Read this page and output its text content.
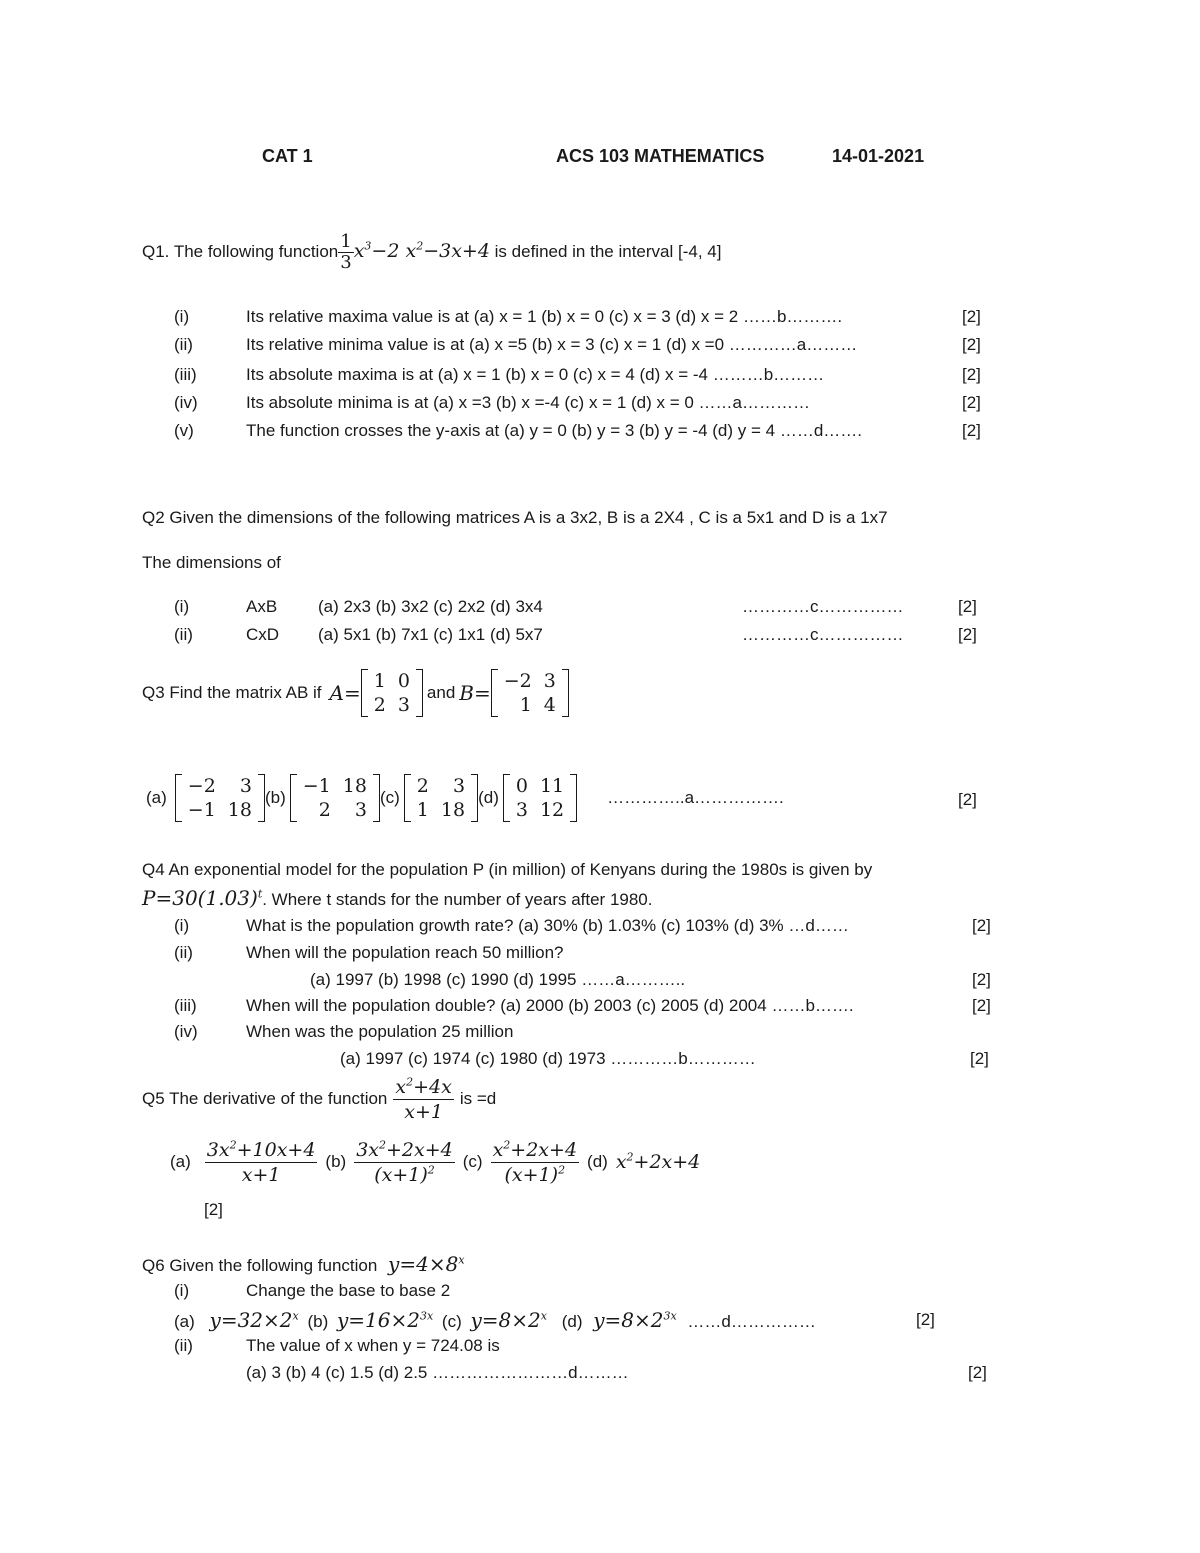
CAT 1	ACS 103 MATHEMATICS	14-01-2021
Q1. The following function $\frac{1}{3} x^3-2$ $x^2-3x+4$ is defined in the interval [-4, 4]
(i)	Its relative maxima value is at (a) x = 1 (b) x = 0 (c) x = 3 (d) x = 2 ……b……….	[2]
(ii)	Its relative minima value is at (a) x =5 (b) x = 3 (c) x = 1 (d) x =0 …………a………	[2]
(iii)	Its absolute maxima is at (a) x = 1 (b) x = 0 (c) x = 4 (d) x = -4 ………b………	[2]
(iv)	Its absolute minima is at (a) x =3 (b) x =-4 (c) x = 1 (d) x = 0 ……a…………	[2]
(v)	The function crosses the y-axis at (a) y = 0 (b) y = 3 (b) y = -4 (d) y = 4 ……d…….	[2]
Q2 Given the dimensions of the following matrices A is a 3x2, B is a 2X4 , C is a 5x1 and D is a 1x7
The dimensions of
(i)	AxB (a) 2x3 (b) 3x2 (c) 2x2 (d) 3x4	…………c……………	[2]
(ii)	CxD (a) 5x1 (b) 7x1 (c) 1x1 (d) 5x7	…………c……………	[2]
Q3 Find the matrix AB if A= 1	0
2	3
and B= −2	3
1	4
(a)
−2	3
−1	18
(b)
−1	18
2	3
(c)
2	3
1	18
(d)
0	11
3	12
…………..a…………….	[2]
Q4 An exponential model for the population P (in million) of Kenyans during the 1980s is given by
$P=30(1.03)^t$. Where t stands for the number of years after 1980.
(i)	What is the population growth rate? (a) 30% (b) 1.03% (c) 103% (d) 3% …d……	[2]
(ii)	When will the population reach 50 million?
(a) 1997 (b) 1998 (c) 1990 (d) 1995 ……a………..	[2]
(iii)	When will the population double? (a) 2000 (b) 2003 (c) 2005 (d) 2004 ……b…….	[2]
(iv)	When was the population 25 million
(a) 1997 (c) 1974 (c) 1980 (d) 1973 …………b…………	[2]
Q5 The derivative of the function $\frac{x^2+4x}{x+1}$ is =d
$(a) \frac{3x^2+10x+4}{x+1} (b) \frac{3x^2+2x+4}{(x+1)^2} (c) \frac{x^2+2x+4}{(x+1)^2} (d)$ $x^2+2x+4$
[2]
Q6 Given the following function $y=4\times 8^x$
(i)	Change the base to base 2
(a) $y=32\times 2^x$ (b) $y=16\times 2^{3x}$ (c) $y=8\times 2^x$ (d) $y=8\times 2^{3x}$ ……d……………	[2]
(ii)	The value of x when y = 724.08 is
(a) 3 (b) 4 (c) 1.5 (d) 2.5 ……………………d………	[2]
